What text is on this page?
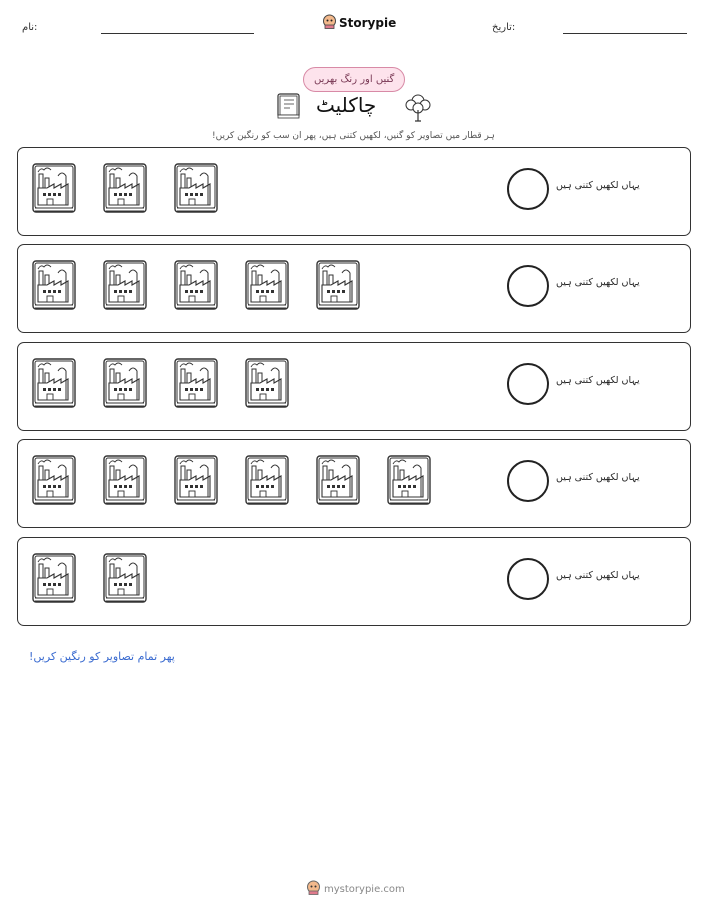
نام:	Storypie	تاریخ:
گنیں اور رنگ بھریں
چاکلیٹ
ہر قطار میں تصاویر کو گنیں، لکھیں کتنی ہیں، پھر ان سب کو رنگین کریں!
یہاں لکھیں کتنی ہیں
یہاں لکھیں کتنی ہیں
یہاں لکھیں کتنی ہیں
یہاں لکھیں کتنی ہیں
یہاں لکھیں کتنی ہیں
پھر تمام تصاویر کو رنگین کریں!
mystorypie.com
